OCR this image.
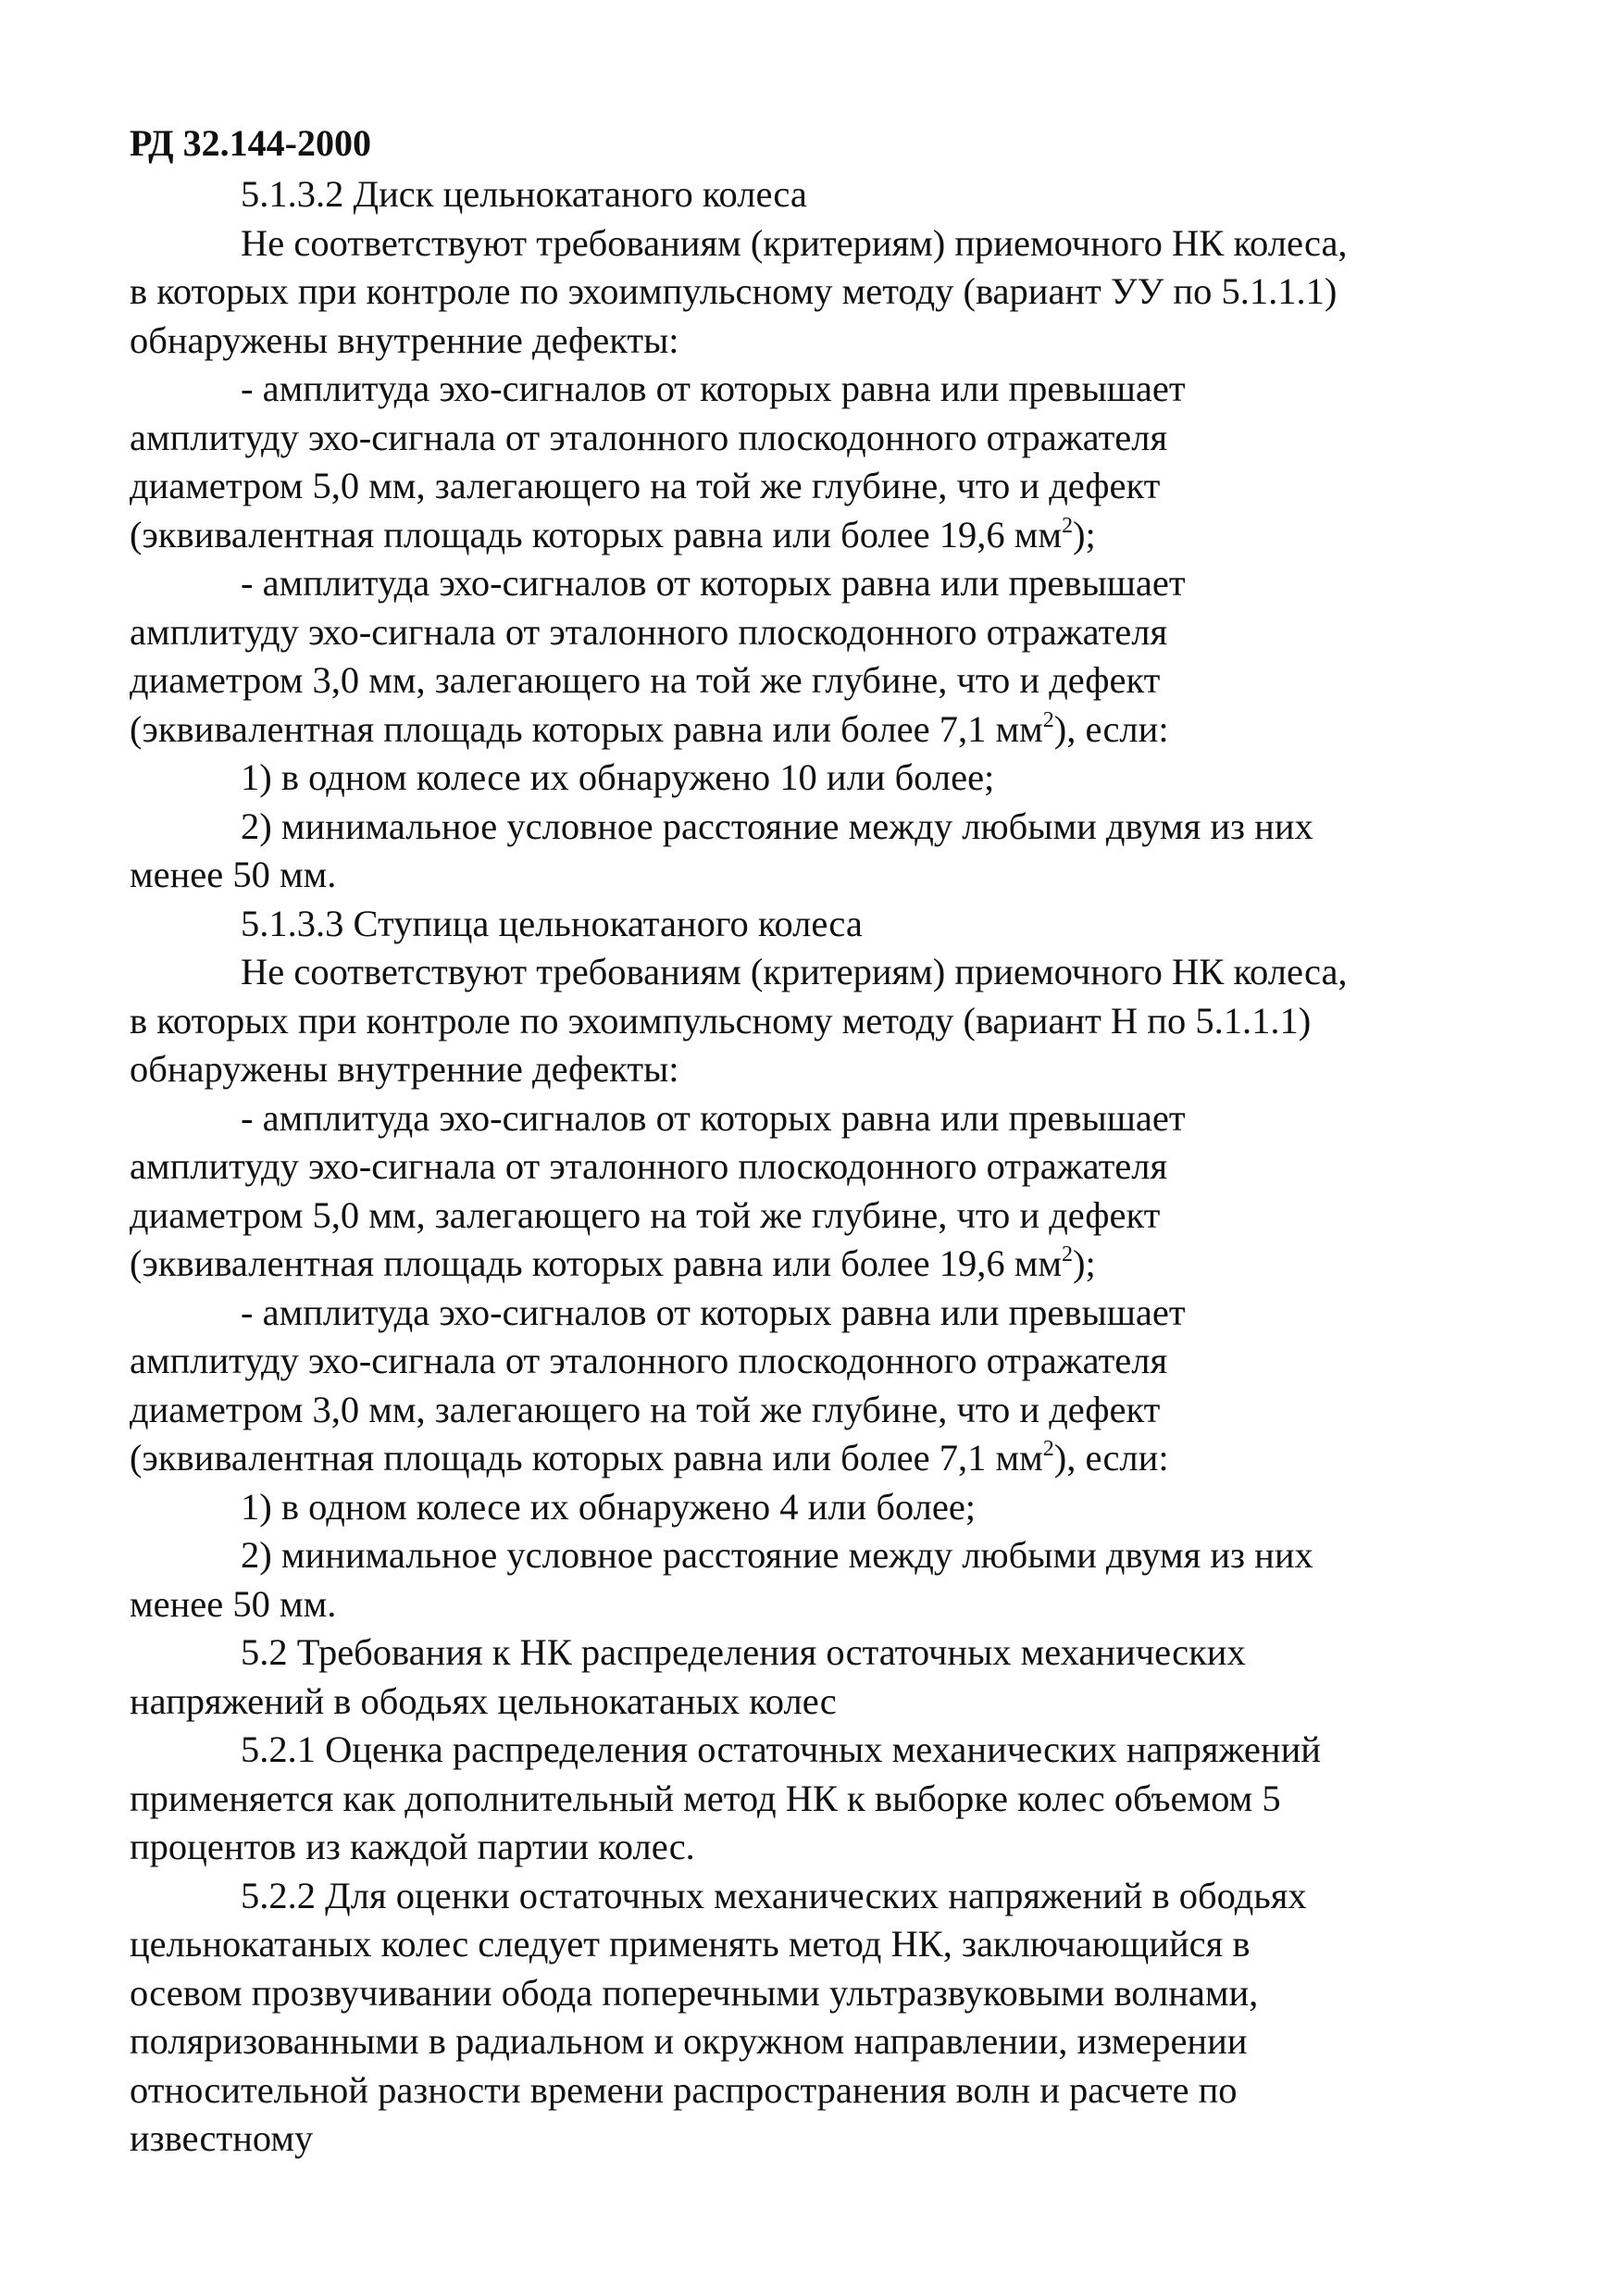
РД 32.144-2000
5.1.3.2 Диск цельнокатаного колеса
Не соответствуют требованиям (критериям) приемочного НК колеса,
в которых при контроле по эхоимпульсному методу (вариант УУ по 5.1.1.1)
обнаружены внутренние дефекты:
- амплитуда эхо-сигналов от которых равна или превышает
амплитуду эхо-сигнала от эталонного плоскодонного отражателя
диаметром 5,0 мм, залегающего на той же глубине, что и дефект
(эквивалентная площадь которых равна или более 19,6 $мм^2$);
- амплитуда эхо-сигналов от которых равна или превышает
амплитуду эхо-сигнала от эталонного плоскодонного отражателя
диаметром 3,0 мм, залегающего на той же глубине, что и дефект
(эквивалентная площадь которых равна или более 7,1 $мм^2$), если:
1) в одном колесе их обнаружено 10 или более;
2) минимальное условное расстояние между любыми двумя из них
менее 50 мм.
5.1.3.3 Ступица цельнокатаного колеса
Не соответствуют требованиям (критериям) приемочного НК колеса,
в которых при контроле по эхоимпульсному методу (вариант Н по 5.1.1.1)
обнаружены внутренние дефекты:
- амплитуда эхо-сигналов от которых равна или превышает
амплитуду эхо-сигнала от эталонного плоскодонного отражателя
диаметром 5,0 мм, залегающего на той же глубине, что и дефект
(эквивалентная площадь которых равна или более 19,6 $мм^2$);
- амплитуда эхо-сигналов от которых равна или превышает
амплитуду эхо-сигнала от эталонного плоскодонного отражателя
диаметром 3,0 мм, залегающего на той же глубине, что и дефект
(эквивалентная площадь которых равна или более 7,1 $мм^2$), если:
1) в одном колесе их обнаружено 4 или более;
2) минимальное условное расстояние между любыми двумя из них
менее 50 мм.
5.2 Требования к НК распределения остаточных механических
напряжений в ободьях цельнокатаных колес
5.2.1 Оценка распределения остаточных механических напряжений
применяется как дополнительный метод НК к выборке колес объемом 5
процентов из каждой партии колес.
5.2.2 Для оценки остаточных механических напряжений в ободьях
цельнокатаных колес следует применять метод НК, заключающийся в
осевом прозвучивании обода поперечными ультразвуковыми волнами,
поляризованными в радиальном и окружном направлении, измерении
относительной разности времени распространения волн и расчете по
известному
